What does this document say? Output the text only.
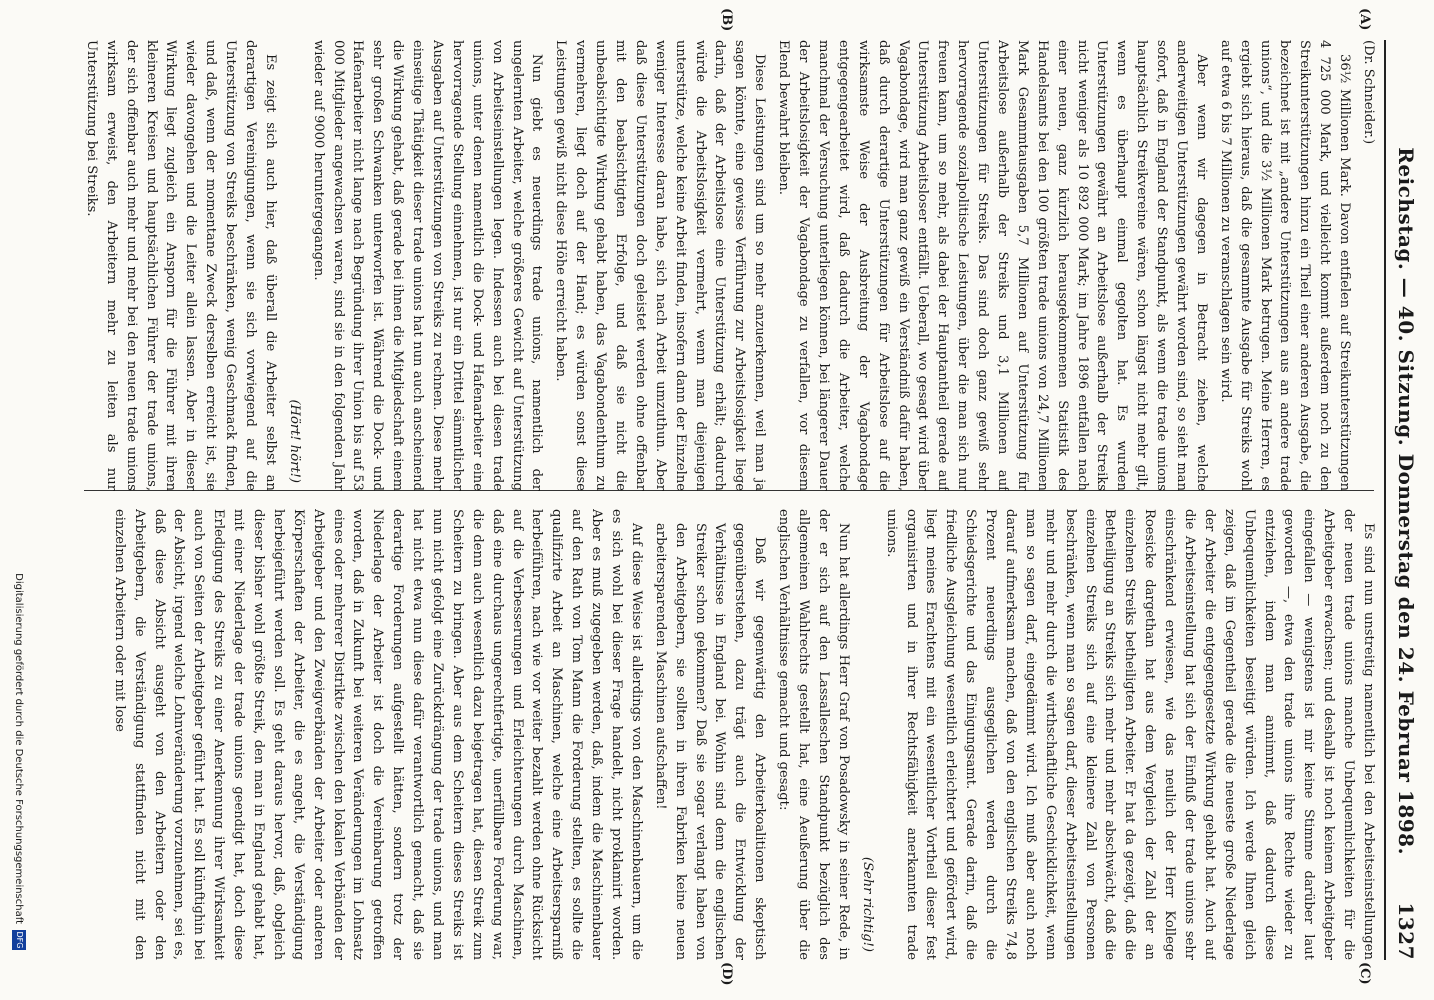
Reichstag. — 40. Sitzung. Donnerstag den 24. Februar 1898.
1327
(A)
(B)
(C)
(D)

(Dr. Schneider.)

36½ Millionen Mark. Davon entfielen auf Streikunterstützungen 4 725 000 Mark, und vielleicht kommt außerdem noch zu den Streikunterstützungen hinzu ein Theil einer anderen Ausgabe, die bezeichnet ist mit „andere Unterstützungen aus an andere trade unions“, und die 3½ Millionen Mark betrugen. Meine Herren, es ergiebt sich hieraus, daß die gesammte Ausgabe für Streiks wohl auf etwa 6 bis 7 Millionen zu veranschlagen sein wird.

Aber wenn wir dagegen in Betracht ziehen, welche anderweitigen Unterstützungen gewährt worden sind, so sieht man sofort, daß in England der Standpunkt, als wenn die trade unions hauptsächlich Streikvereine wären, schon längst nicht mehr gilt, wenn es überhaupt einmal gegolten hat. Es wurden Unterstützungen gewährt an Arbeitslose außerhalb der Streiks nicht weniger als 10 892 000 Mark; im Jahre 1896 entfallen nach einer neuen, ganz kürzlich herausgekommenen Statistik des Handelsamts bei den 100 größten trade unions von 24,7 Millionen Mark Gesammtausgaben 5,7 Millionen auf Unterstützung für Arbeitslose außerhalb der Streiks und 3,1 Millionen auf Unterstützungen für Streiks. Das sind doch ganz gewiß sehr hervorragende sozialpolitische Leistungen, über die man sich nur freuen kann, um so mehr, als dabei der Hauptantheil gerade auf Unterstützung Arbeitsloser entfällt. Ueberall, wo gesagt wird über Vagabondage, wird man ganz gewiß ein Verständniß dafür haben, daß durch derartige Unterstützungen für Arbeitslose auf die wirksamste Weise der Ausbreitung der Vagabondage entgegengearbeitet wird, daß dadurch die Arbeiter, welche manchmal der Versuchung unterliegen können, bei längerer Dauer der Arbeitslosigkeit der Vagabondage zu verfallen, vor diesem Elend bewahrt bleiben.

Diese Leistungen sind um so mehr anzuerkennen, weil man ja sagen könnte, eine gewisse Verführung zur Arbeitslosigkeit liege darin, daß der Arbeitslose eine Unterstützung erhält; dadurch würde die Arbeitslosigkeit vermehrt, wenn man diejenigen unterstütze, welche keine Arbeit finden, insofern dann der Einzelne weniger Interesse daran habe, sich nach Arbeit umzuthun. Aber daß diese Unterstützungen doch geleistet werden ohne offenbar mit den beabsichtigten Erfolge, und daß sie nicht die unbeabsichtigte Wirkung gehabt haben, das Vagabondenthum zu vermehren, liegt doch auf der Hand; es würden sonst diese Leistungen gewiß nicht diese Höhe erreicht haben.

Nun giebt es neuerdings trade unions, namentlich der ungelernten Arbeiter, welche größeres Gewicht auf Unterstützung von Arbeitseinstellungen legen. Indessen auch bei diesen trade unions, unter denen namentlich die Dock- und Hafenarbeiter eine hervorragende Stellung einnehmen, ist nur ein Drittel sämmtlicher Ausgaben auf Unterstützungen von Streiks zu rechnen. Diese mehr einseitige Thätigkeit dieser trade unions hat nun auch anscheinend die Wirkung gehabt, daß gerade bei ihnen die Mitgliedschaft einem sehr großen Schwanken unterworfen ist. Während die Dock- und Hafenarbeiter nicht lange nach Begründung ihrer Union bis auf 53 000 Mitglieder angewachsen waren, sind sie in den folgenden Jahr wieder auf 9000 heruntergegangen.

(Hört! hört!)

Es zeigt sich auch hier, daß überall die Arbeiter selbst an derartigen Vereinigungen, wenn sie sich vorwiegend auf die Unterstützung von Streiks beschränken, wenig Geschmack finden, und daß, wenn der momentane Zweck derselben erreicht ist, sie wieder davongehen und die Leiter allein lassen. Aber in dieser Wirkung liegt zugleich ein Ansporn für die Führer mit ihren kleineren Kreisen und hauptsächlichen Führer der trade unions, der sich offenbar auch mehr und mehr bei den neuen trade unions wirksam erweist, den Arbeitern mehr zu leiten als nur Unterstützung bei Streiks.

Es sind nun unstreitig namentlich bei den Arbeitseinstellungen der neuen trade unions manche Unbequemlichkeiten für die Arbeitgeber erwachsen; und deshalb ist noch keinem Arbeitgeber eingefallen — wenigstens ist mir keine Stimme darüber laut geworden —, etwa den trade unions ihre Rechte wieder zu entziehen, indem man annimmt, daß dadurch diese Unbequemlichkeiten beseitigt würden. Ich werde Ihnen gleich zeigen, daß im Gegentheil gerade die neueste große Niederlage der Arbeiter die entgegengesetzte Wirkung gehabt hat. Auch auf die Arbeitseinstellung hat sich der Einfluß der trade unions sehr einschränkend erwiesen, wie das neulich der Herr Kollege Roesicke dargethan hat aus dem Vergleich der Zahl der an einzelnen Streiks betheiligten Arbeiter. Er hat da gezeigt, daß die Betheiligung an Streiks sich mehr und mehr abschwächt, daß die einzelnen Streiks sich auf eine kleinere Zahl von Personen beschränken, wenn man so sagen darf, dieser Arbeitseinstellungen mehr und mehr durch die wirthschaftliche Geschicklichkeit, wenn man so sagen darf, eingedämmt wird. Ich muß aber auch noch darauf aufmerksam machen, daß von den englischen Streiks 74,8 Prozent neuerdings ausgeglichen werden durch die Schiedsgerichte und das Einigungsamt. Gerade darin, daß die friedliche Ausgleichung wesentlich erleichtert und gefördert wird, liegt meines Erachtens mit ein wesentlicher Vortheil dieser fest organisirten und in ihrer Rechtsfähigkeit anerkannten trade unions.

(Sehr richtig!)

Nun hat allerdings Herr Graf von Posadowsky in seiner Rede, in der er sich auf den Lassalleschen Standpunkt bezüglich des allgemeinen Wahlrechts gestellt hat, eine Aeußerung über die englischen Verhältnisse gemacht und gesagt:

Daß wir gegenwärtig den Arbeiterkoalitionen skeptisch gegenüberstehen, dazu trägt auch die Entwicklung der Verhältnisse in England bei. Wohin sind denn die englischen Streiker schon gekommen? Daß sie sogar verlangt haben von den Arbeitgebern, sie sollten in ihren Fabriken keine neuen arbeitersparenden Maschinen aufschaffen!

Auf diese Weise ist allerdings von den Maschinenbauern, um die es sich wohl bei dieser Frage handelt, nicht proklamirt worden. Aber es muß zugegeben werden, daß, indem die Maschinenbauer auf den Rath von Tom Mann die Forderung stellten, es sollte die qualifizirte Arbeit an Maschinen, welche eine Arbeitsersparniß herbeiführen, nach wie vor weiter bezahlt werden ohne Rücksicht auf die Verbesserungen und Erleichterungen durch Maschinen, daß eine durchaus ungerechtfertigte, unerfüllbare Forderung war, die denn auch wesentlich dazu beigetragen hat, diesen Streik zum Scheitern zu bringen. Aber aus dem Scheitern dieses Streiks ist nun nicht gefolgt eine Zurückdrängung der trade unions, und man hat nicht etwa nun diese dafür verantwortlich gemacht, daß sie derartige Forderungen aufgestellt hätten, sondern trotz der Niederlage der Arbeiter ist doch die Vereinbarung getroffen worden, daß in Zukunft bei weiteren Veränderungen im Lohnsatz eines oder mehrerer Distrikte zwischen den lokalen Verbänden der Arbeitgeber und den Zweigverbänden der Arbeiter oder anderen Körperschaften der Arbeiter, die es angeht, die Verständigung herbeigeführt werden soll. Es geht daraus hervor, daß, obgleich dieser bisher wohl größte Streik, den man in England gehabt hat, mit einer Niederlage der trade unions geendigt hat, doch diese Erledigung des Streiks zu einer Anerkennung ihrer Wirksamkeit auch von Seiten der Arbeitgeber geführt hat. Es soll künftighin bei der Absicht, irgend welche Lohnveränderung vorzunehmen, sei es, daß diese Absicht ausgeht von den Arbeitern oder den Arbeitgebern, die Verständigung stattfinden nicht mit den einzelnen Arbeitern oder mit lose

Digitalisierung gefördert durch die Deutsche Forschungsgemeinschaft
DFG
